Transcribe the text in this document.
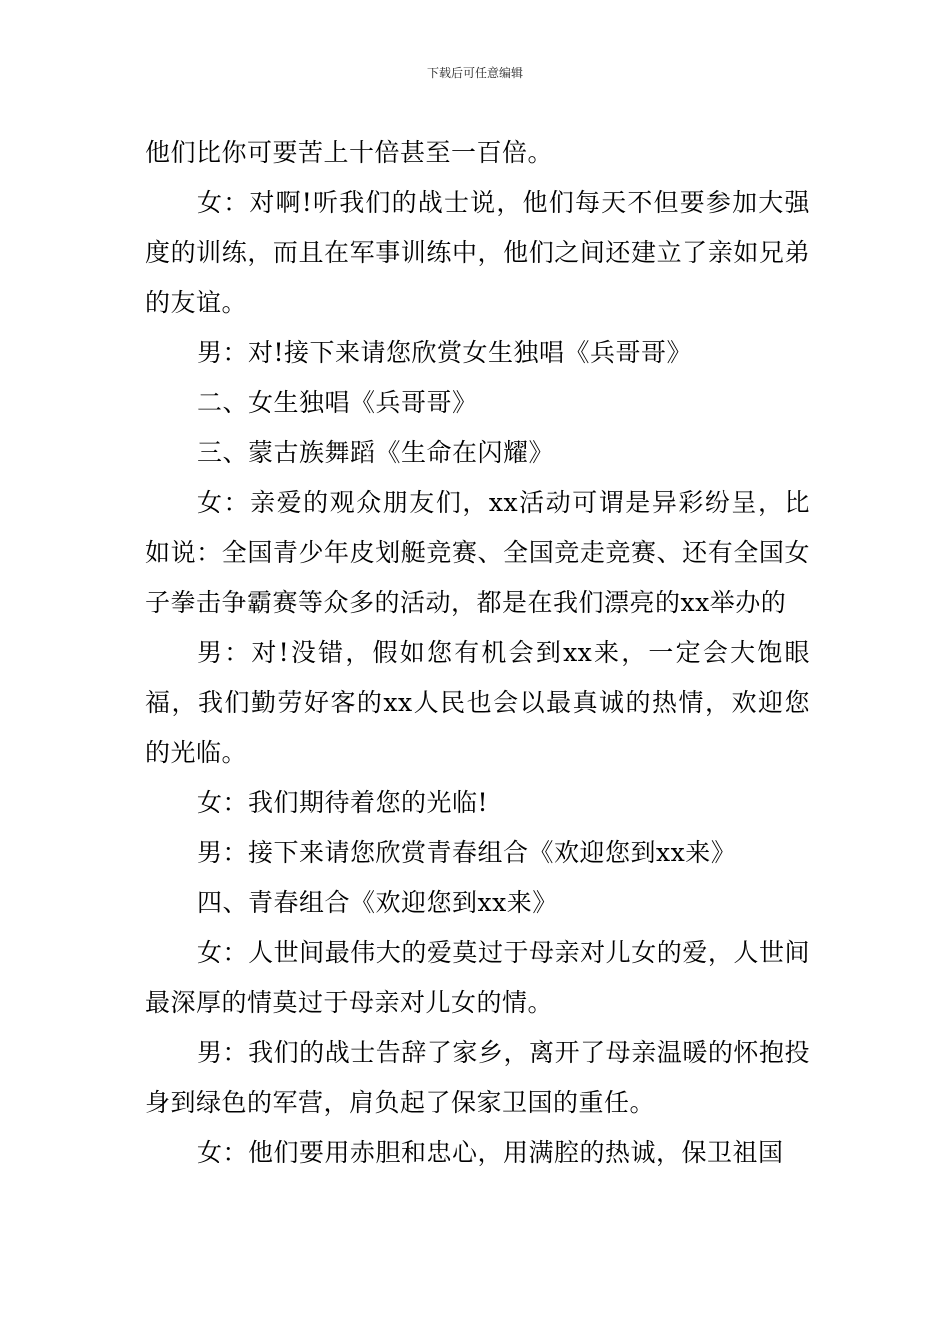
下载后可任意编辑

他们比你可要苦上十倍甚至一百倍。

女：对啊!听我们的战士说，他们每天不但要参加大强度的训练，而且在军事训练中，他们之间还建立了亲如兄弟的友谊。

男：对!接下来请您欣赏女生独唱《兵哥哥》

二、女生独唱《兵哥哥》

三、蒙古族舞蹈《生命在闪耀》

女：亲爱的观众朋友们，xx活动可谓是异彩纷呈，比如说：全国青少年皮划艇竞赛、全国竞走竞赛、还有全国女子拳击争霸赛等众多的活动，都是在我们漂亮的xx举办的

男：对!没错，假如您有机会到xx来，一定会大饱眼福，我们勤劳好客的xx人民也会以最真诚的热情，欢迎您的光临。

女：我们期待着您的光临!

男：接下来请您欣赏青春组合《欢迎您到xx来》

四、青春组合《欢迎您到xx来》

女：人世间最伟大的爱莫过于母亲对儿女的爱，人世间最深厚的情莫过于母亲对儿女的情。

男：我们的战士告辞了家乡，离开了母亲温暖的怀抱投身到绿色的军营，肩负起了保家卫国的重任。

女：他们要用赤胆和忠心，用满腔的热诚，保卫祖国
